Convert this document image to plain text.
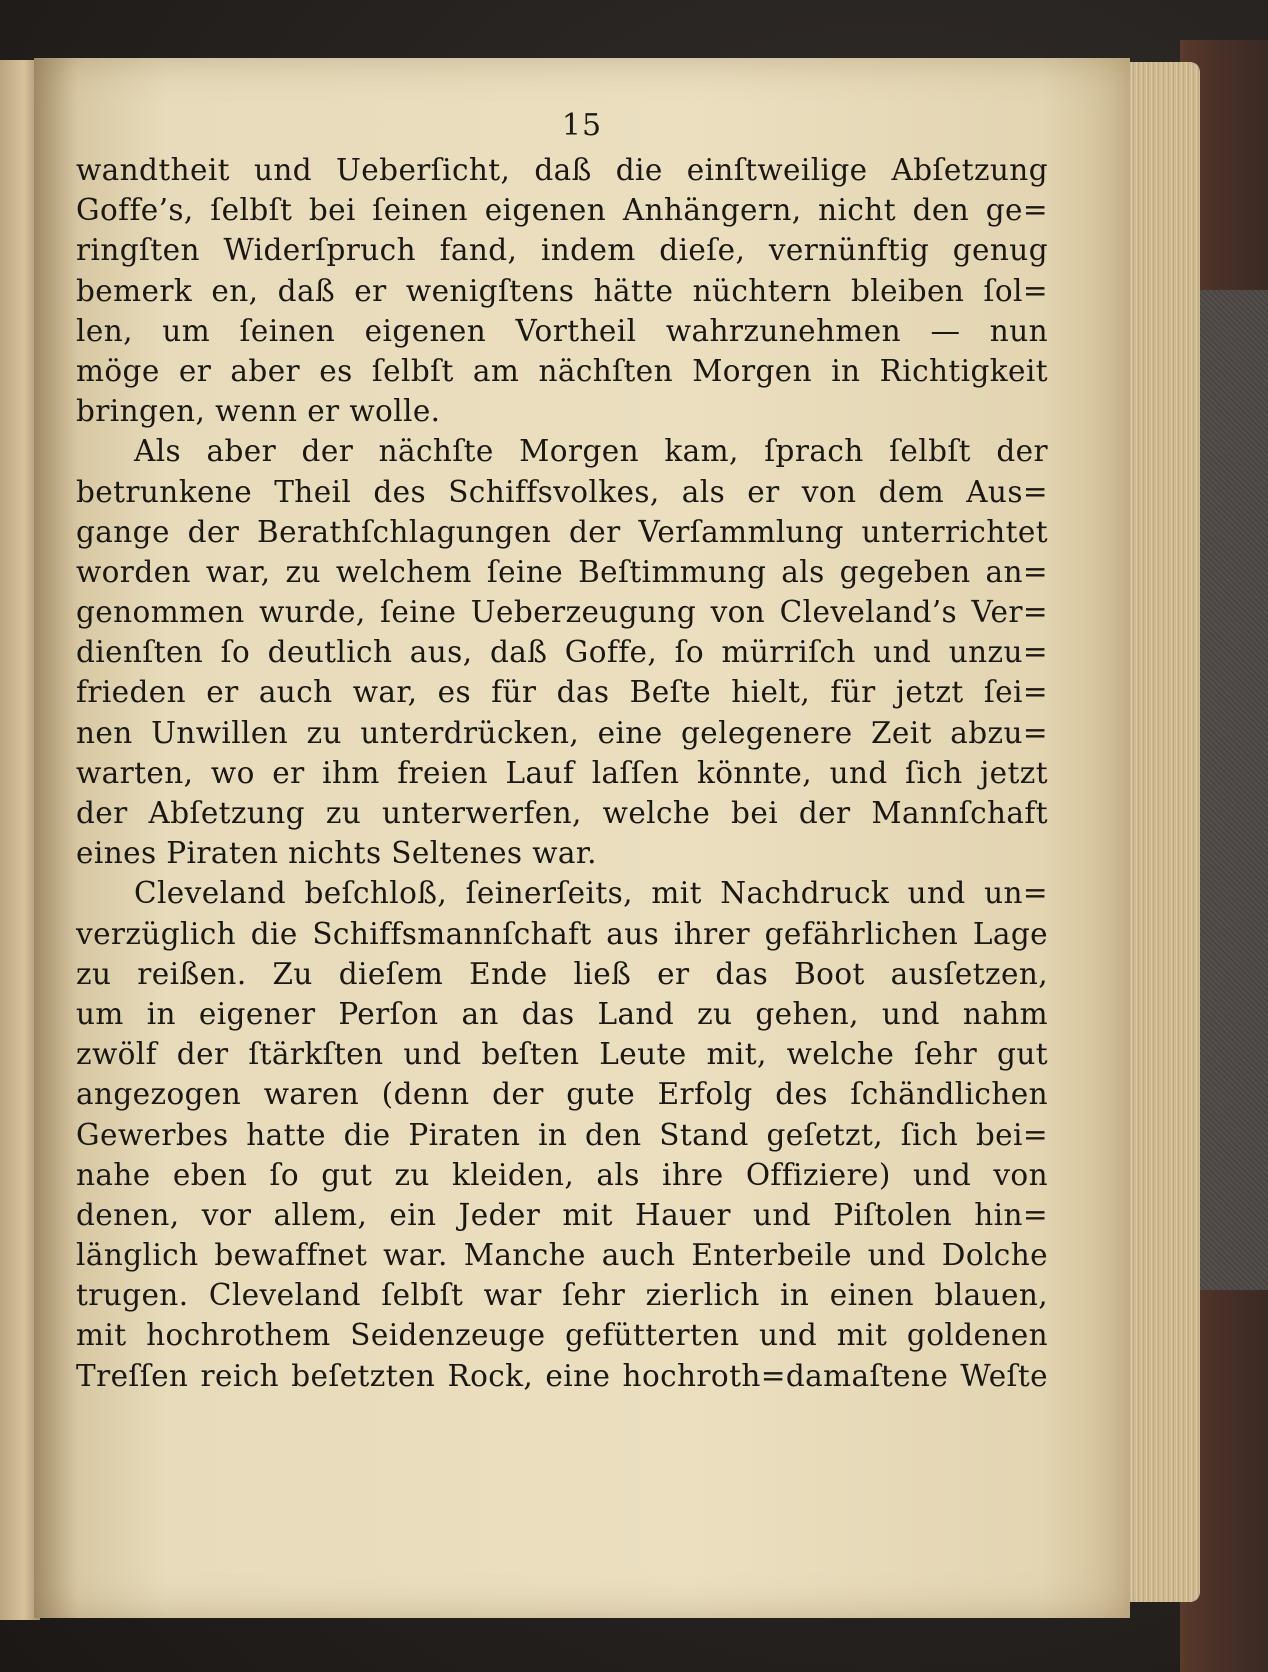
15
wandtheit und Ueberſicht, daß die einſtweilige Abſetzung
Goffe’s, ſelbſt bei ſeinen eigenen Anhängern, nicht den ge=
ringſten Widerſpruch fand, indem dieſe, vernünftig genug
bemerk en, daß er wenigſtens hätte nüchtern bleiben ſol=
len, um ſeinen eigenen Vortheil wahrzunehmen — nun
möge er aber es ſelbſt am nächſten Morgen in Richtigkeit
bringen, wenn er wolle.
Als aber der nächſte Morgen kam, ſprach ſelbſt der
betrunkene Theil des Schiffsvolkes, als er von dem Aus=
gange der Berathſchlagungen der Verſammlung unterrichtet
worden war, zu welchem ſeine Beſtimmung als gegeben an=
genommen wurde, ſeine Ueberzeugung von Cleveland’s Ver=
dienſten ſo deutlich aus, daß Goffe, ſo mürriſch und unzu=
frieden er auch war, es für das Beſte hielt, für jetzt ſei=
nen Unwillen zu unterdrücken, eine gelegenere Zeit abzu=
warten, wo er ihm freien Lauf laſſen könnte, und ſich jetzt
der Abſetzung zu unterwerfen, welche bei der Mannſchaft
eines Piraten nichts Seltenes war.
Cleveland beſchloß, ſeinerſeits, mit Nachdruck und un=
verzüglich die Schiffsmannſchaft aus ihrer gefährlichen Lage
zu reißen. Zu dieſem Ende ließ er das Boot ausſetzen,
um in eigener Perſon an das Land zu gehen, und nahm
zwölf der ſtärkſten und beſten Leute mit, welche ſehr gut
angezogen waren (denn der gute Erfolg des ſchändlichen
Gewerbes hatte die Piraten in den Stand geſetzt, ſich bei=
nahe eben ſo gut zu kleiden, als ihre Offiziere) und von
denen, vor allem, ein Jeder mit Hauer und Piſtolen hin=
länglich bewaffnet war. Manche auch Enterbeile und Dolche
trugen. Cleveland ſelbſt war ſehr zierlich in einen blauen,
mit hochrothem Seidenzeuge gefütterten und mit goldenen
Treſſen reich beſetzten Rock, eine hochroth=damaſtene Weſte
